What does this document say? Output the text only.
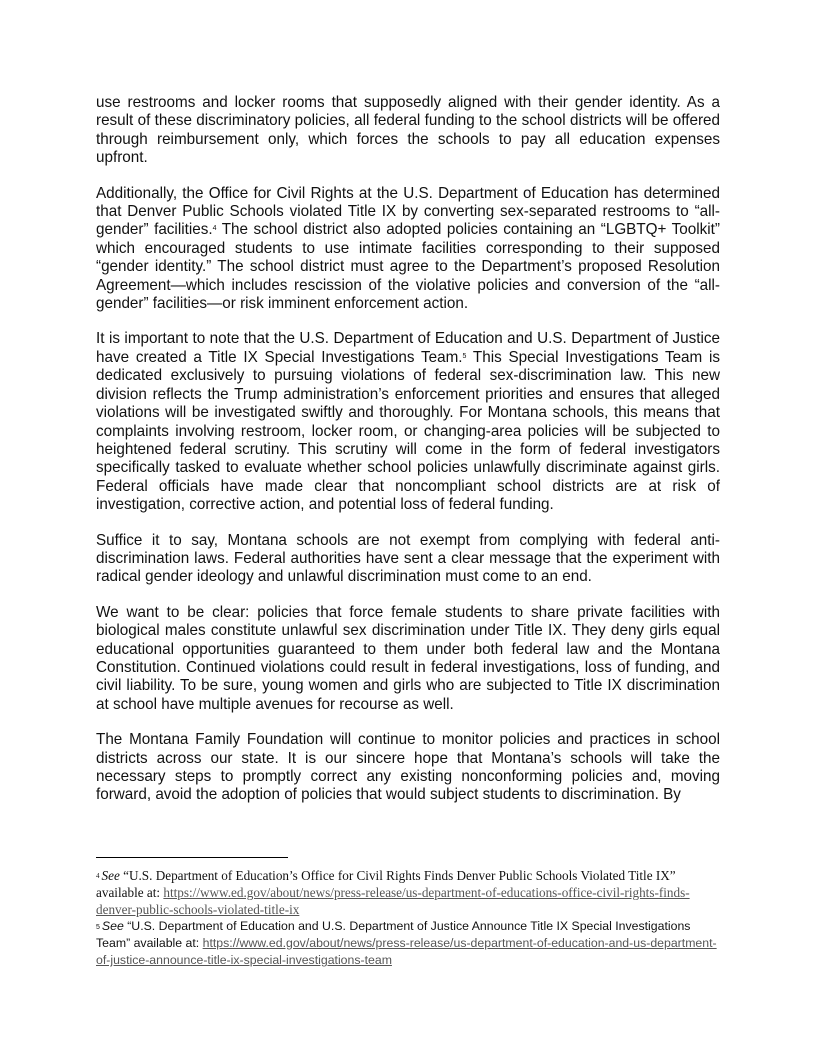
use restrooms and locker rooms that supposedly aligned with their gender identity. As a result of these discriminatory policies, all federal funding to the school districts will be offered through reimbursement only, which forces the schools to pay all education expenses upfront.

Additionally, the Office for Civil Rights at the U.S. Department of Education has determined that Denver Public Schools violated Title IX by converting sex-separated restrooms to “all-gender” facilities.$^4$ The school district also adopted policies containing an “LGBTQ+ Toolkit” which encouraged students to use intimate facilities corresponding to their supposed “gender identity.” The school district must agree to the Department’s proposed Resolution Agreement—which includes rescission of the violative policies and conversion of the “all-gender” facilities—or risk imminent enforcement action.

It is important to note that the U.S. Department of Education and U.S. Department of Justice have created a Title IX Special Investigations Team.$^5$ This Special Investigations Team is dedicated exclusively to pursuing violations of federal sex-discrimination law. This new division reflects the Trump administration’s enforcement priorities and ensures that alleged violations will be investigated swiftly and thoroughly. For Montana schools, this means that complaints involving restroom, locker room, or changing-area policies will be subjected to heightened federal scrutiny. This scrutiny will come in the form of federal investigators specifically tasked to evaluate whether school policies unlawfully discriminate against girls. Federal officials have made clear that noncompliant school districts are at risk of investigation, corrective action, and potential loss of federal funding.

Suffice it to say, Montana schools are not exempt from complying with federal anti-discrimination laws. Federal authorities have sent a clear message that the experiment with radical gender ideology and unlawful discrimination must come to an end.

We want to be clear: policies that force female students to share private facilities with biological males constitute unlawful sex discrimination under Title IX. They deny girls equal educational opportunities guaranteed to them under both federal law and the Montana Constitution. Continued violations could result in federal investigations, loss of funding, and civil liability. To be sure, young women and girls who are subjected to Title IX discrimination at school have multiple avenues for recourse as well.

The Montana Family Foundation will continue to monitor policies and practices in school districts across our state. It is our sincere hope that Montana’s schools will take the necessary steps to promptly correct any existing nonconforming policies and, moving forward, avoid the adoption of policies that would subject students to discrimination. By

$^4$ See “U.S. Department of Education’s Office for Civil Rights Finds Denver Public Schools Violated Title IX” available at: https://www.ed.gov/about/news/press-release/us-department-of-educations-office-civil-rights-finds-denver-public-schools-violated-title-ix

$^5$ See “U.S. Department of Education and U.S. Department of Justice Announce Title IX Special Investigations Team” available at: https://www.ed.gov/about/news/press-release/us-department-of-education-and-us-department-of-justice-announce-title-ix-special-investigations-team
